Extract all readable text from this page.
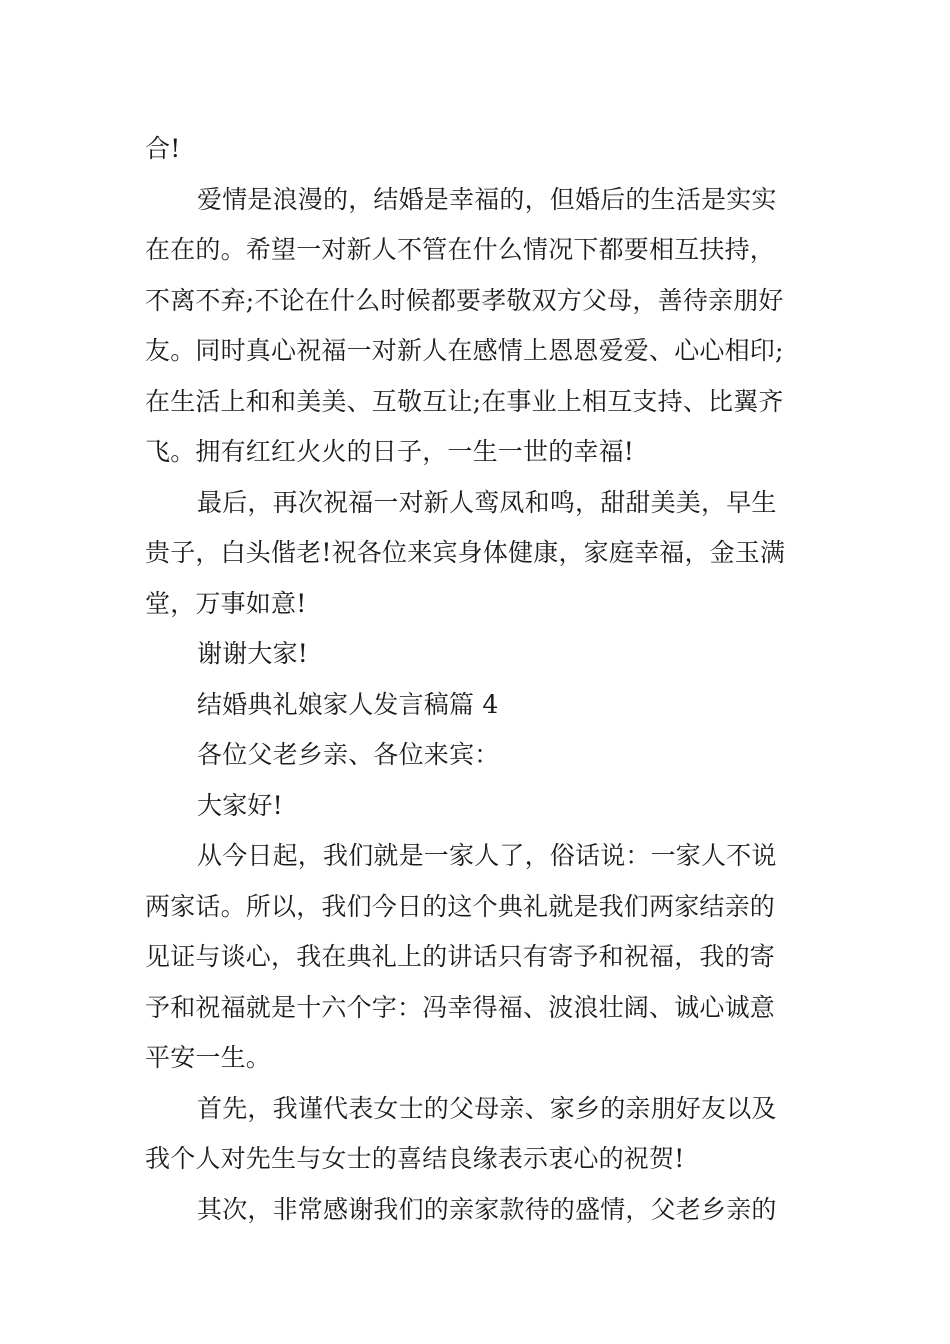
合!
爱情是浪漫的，结婚是幸福的，但婚后的生活是实实
在在的。希望一对新人不管在什么情况下都要相互扶持，
不离不弃;不论在什么时候都要孝敬双方父母，善待亲朋好
友。同时真心祝福一对新人在感情上恩恩爱爱、心心相印;
在生活上和和美美、互敬互让;在事业上相互支持、比翼齐
飞。拥有红红火火的日子，一生一世的幸福!
最后，再次祝福一对新人鸾凤和鸣，甜甜美美，早生
贵子，白头偕老!祝各位来宾身体健康，家庭幸福，金玉满
堂，万事如意!
谢谢大家!
结婚典礼娘家人发言稿篇 4
各位父老乡亲、各位来宾：
大家好!
从今日起，我们就是一家人了，俗话说：一家人不说
两家话。所以，我们今日的这个典礼就是我们两家结亲的
见证与谈心，我在典礼上的讲话只有寄予和祝福，我的寄
予和祝福就是十六个字：冯幸得福、波浪壮阔、诚心诚意
平安一生。
首先，我谨代表女士的父母亲、家乡的亲朋好友以及
我个人对先生与女士的喜结良缘表示衷心的祝贺!
其次，非常感谢我们的亲家款待的盛情，父老乡亲的
